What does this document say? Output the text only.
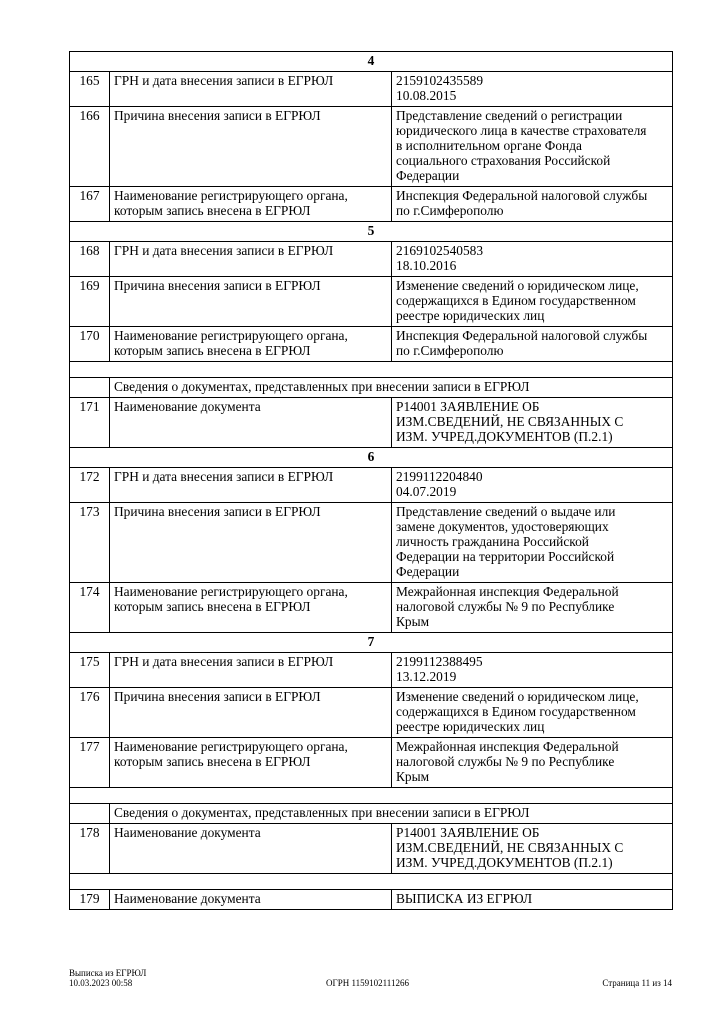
4		
165	ГРН и дата внесения записи в ЕГРЮЛ	2159102435589
10.08.2015
166	Причина внесения записи в ЕГРЮЛ	Представление сведений о регистрации
юридического лица в качестве страхователя
в исполнительном органе Фонда
социального страхования Российской
Федерации
167	Наименование регистрирующего органа,
которым запись внесена в ЕГРЮЛ	Инспекция Федеральной налоговой службы
по г.Симферополю
5		
168	ГРН и дата внесения записи в ЕГРЮЛ	2169102540583
18.10.2016
169	Причина внесения записи в ЕГРЮЛ	Изменение сведений о юридическом лице,
содержащихся в Едином государственном
реестре юридических лиц
170	Наименование регистрирующего органа,
которым запись внесена в ЕГРЮЛ	Инспекция Федеральной налоговой службы
по г.Симферополю

	Сведения о документах, представленных при внесении записи в ЕГРЮЛ	
171	Наименование документа	Р14001 ЗАЯВЛЕНИЕ ОБ
ИЗМ.СВЕДЕНИЙ, НЕ СВЯЗАННЫХ С
ИЗМ. УЧРЕД.ДОКУМЕНТОВ (П.2.1)
6		
172	ГРН и дата внесения записи в ЕГРЮЛ	2199112204840
04.07.2019
173	Причина внесения записи в ЕГРЮЛ	Представление сведений о выдаче или
замене документов, удостоверяющих
личность гражданина Российской
Федерации на территории Российской
Федерации
174	Наименование регистрирующего органа,
которым запись внесена в ЕГРЮЛ	Межрайонная инспекция Федеральной
налоговой службы № 9 по Республике
Крым
7		
175	ГРН и дата внесения записи в ЕГРЮЛ	2199112388495
13.12.2019
176	Причина внесения записи в ЕГРЮЛ	Изменение сведений о юридическом лице,
содержащихся в Едином государственном
реестре юридических лиц
177	Наименование регистрирующего органа,
которым запись внесена в ЕГРЮЛ	Межрайонная инспекция Федеральной
налоговой службы № 9 по Республике
Крым

	Сведения о документах, представленных при внесении записи в ЕГРЮЛ	
178	Наименование документа	Р14001 ЗАЯВЛЕНИЕ ОБ
ИЗМ.СВЕДЕНИЙ, НЕ СВЯЗАННЫХ С
ИЗМ. УЧРЕД.ДОКУМЕНТОВ (П.2.1)

179	Наименование документа	ВЫПИСКА ИЗ ЕГРЮЛ
Выписка из ЕГРЮЛ
10.03.2023 00:58	ОГРН 1159102111266	Страница 11 из 14
